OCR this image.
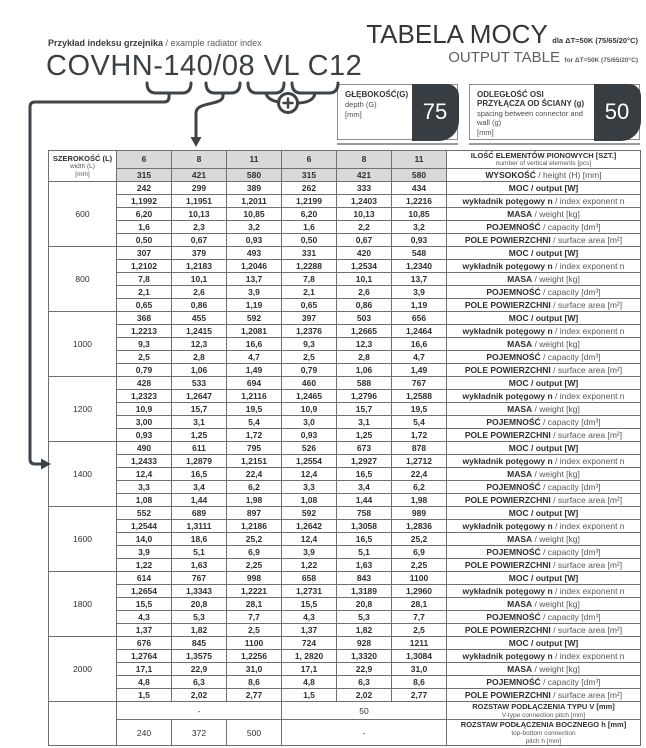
Przykład indeksu grzejnika / example radiator index
COVHN-140/08 VL C12
TABELA MOCY dla ΔT=50K (75/65/20°C)
OUTPUT TABLE for ΔT=50K (75/65/20°C)
GŁĘBOKOŚĆ(G)
depth (G)
[mm]	75
ODLEGŁOŚĆ OSI PRZYŁĄCZA OD ŚCIANY (g)
spacing between connector and wall (g)
[mm]
50
SZEROKOŚĆ (L)
width (L)
[mm]	6	8	11	6	8	11	ILOŚĆ ELEMENTÓW PIONOWYCH [SZT.]
number of vertical elements [pcs]

	315	421	580	315	421	580	WYSOKOŚĆ / height (H) [mm]
600	242	299	389	262	333	434	MOC / output [W]
	1,1992	1,1951	1,2011	1,2199	1,2403	1,2216	wykładnik potęgowy n / index exponent n
	6,20	10,13	10,85	6,20	10,13	10,85	MASA / weight [kg]
	1,6	2,3	3,2	1,6	2,2	3,2	POJEMNOŚĆ / capacity [dm³]
	0,50	0,67	0,93	0,50	0,67	0,93	POLE POWIERZCHNI / surface area [m²]
800	307	379	493	331	420	548	MOC / output [W]
	1,2102	1,2183	1,2046	1,2288	1,2534	1,2340	wykładnik potęgowy n / index exponent n
	7,8	10,1	13,7	7,8	10,1	13,7	MASA / weight [kg]
	2,1	2,6	3,9	2,1	2,6	3,9	POJEMNOŚĆ / capacity [dm³]
	0,65	0,86	1,19	0,65	0,86	1,19	POLE POWIERZCHNI / surface area [m²]
1000	368	455	592	397	503	656	MOC / output [W]
	1,2213	1,2415	1,2081	1,2376	1,2665	1,2464	wykładnik potęgowy n / index exponent n
	9,3	12,3	16,6	9,3	12,3	16,6	MASA / weight [kg]
	2,5	2,8	4,7	2,5	2,8	4,7	POJEMNOŚĆ / capacity [dm³]
	0,79	1,06	1,49	0,79	1,06	1,49	POLE POWIERZCHNI / surface area [m²]
1200	428	533	694	460	588	767	MOC / output [W]
	1,2323	1,2647	1,2116	1,2465	1,2796	1,2588	wykładnik potęgowy n / index exponent n
	10,9	15,7	19,5	10,9	15,7	19,5	MASA / weight [kg]
	3,00	3,1	5,4	3,0	3,1	5,4	POJEMNOŚĆ / capacity [dm³]
	0,93	1,25	1,72	0,93	1,25	1,72	POLE POWIERZCHNI / surface area [m²]
1400	490	611	795	526	673	878	MOC / output [W]
	1,2433	1,2879	1,2151	1,2554	1,2927	1,2712	wykładnik potęgowy n / index exponent n
	12,4	16,5	22,4	12,4	16,5	22,4	MASA / weight [kg]
	3,3	3,4	6,2	3,3	3,4	6,2	POJEMNOŚĆ / capacity [dm³]
	1,08	1,44	1,98	1,08	1,44	1,98	POLE POWIERZCHNI / surface area [m²]
1600	552	689	897	592	758	989	MOC / output [W]
	1,2544	1,3111	1,2186	1,2642	1,3058	1,2836	wykładnik potęgowy n / index exponent n
	14,0	18,6	25,2	12,4	16,5	25,2	MASA / weight [kg]
	3,9	5,1	6,9	3,9	5,1	6,9	POJEMNOŚĆ / capacity [dm³]
	1,22	1,63	2,25	1,22	1,63	2,25	POLE POWIERZCHNI / surface area [m²]
1800	614	767	998	658	843	1100	MOC / output [W]
	1,2654	1,3343	1,2221	1,2731	1,3189	1,2960	wykładnik potęgowy n / index exponent n
	15,5	20,8	28,1	15,5	20,8	28,1	MASA / weight [kg]
	4,3	5,3	7,7	4,3	5,3	7,7	POJEMNOŚĆ / capacity [dm³]
	1,37	1,82	2,5	1,37	1,82	2,5	POLE POWIERZCHNI / surface area [m²]
2000	676	845	1100	724	928	1211	MOC / output [W]
	1,2764	1,3575	1,2256	1, 2820	1,3320	1,3084	wykładnik potęgowy n / index exponent n
	17,1	22,9	31,0	17,1	22,9	31,0	MASA / weight [kg]
	4,8	6,3	8,6	4,8	6,3	8,6	POJEMNOŚĆ / capacity [dm³]
	1,5	2,02	2,77	1,5	2,02	2,77	POLE POWIERZCHNI / surface area [m²]
	-			50			ROZSTAW PODŁĄCZENIA TYPU V [mm]
V-type connection pitch [mm]

	240	372	500	-			ROZSTAW PODŁĄCZENIA BOCZNEGO h [mm]
top-bottom connection
pitch h [mm]
